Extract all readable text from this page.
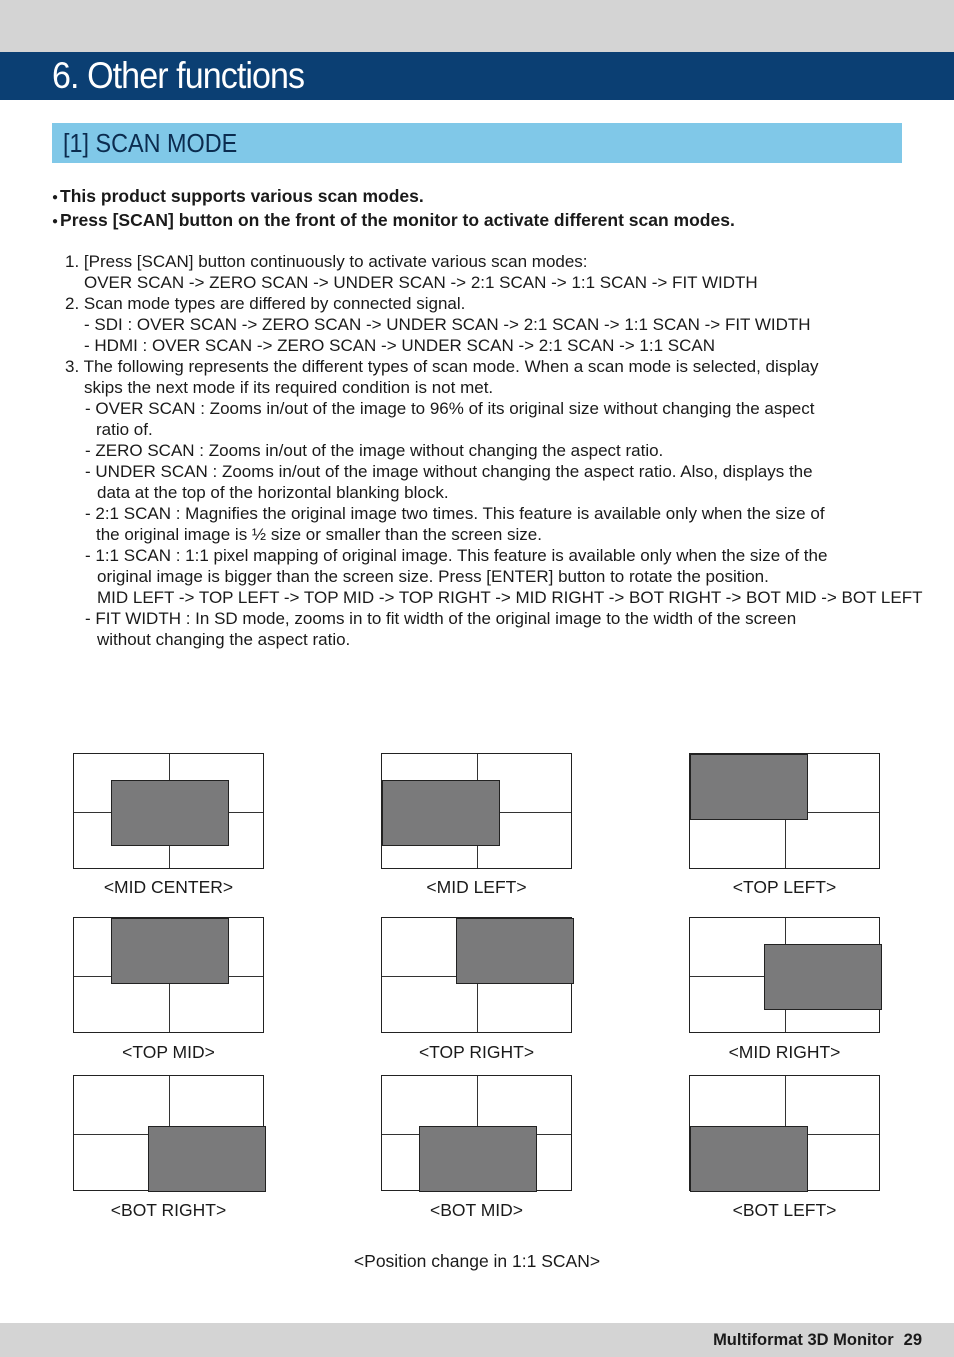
6. Other functions
[1] SCAN MODE
● This product supports various scan modes.
● Press [SCAN] button on the front of the monitor to activate different scan modes.
1. [Press [SCAN] button continuously to activate various scan modes:
OVER SCAN -> ZERO SCAN -> UNDER SCAN -> 2:1 SCAN -> 1:1 SCAN -> FIT WIDTH
2. Scan mode types are differed by connected signal.
- SDI : OVER SCAN -> ZERO SCAN -> UNDER SCAN -> 2:1 SCAN -> 1:1 SCAN -> FIT WIDTH
- HDMI : OVER SCAN -> ZERO SCAN -> UNDER SCAN -> 2:1 SCAN -> 1:1 SCAN
3. The following represents the different types of scan mode. When a scan mode is selected, display
skips the next mode if its required condition is not met.
- OVER SCAN : Zooms in/out of the image to 96% of its original size without changing the aspect
ratio of.
- ZERO SCAN : Zooms in/out of the image without changing the aspect ratio.
- UNDER SCAN : Zooms in/out of the image without changing the aspect ratio. Also, displays the
data at the top of the horizontal blanking block.
- 2:1 SCAN : Magnifies the original image two times. This feature is available only when the size of
the original image is ½ size or smaller than the screen size.
- 1:1 SCAN : 1:1 pixel mapping of original image. This feature is available only when the size of the
original image is bigger than the screen size. Press [ENTER] button to rotate the position.
MID LEFT -> TOP LEFT -> TOP MID -> TOP RIGHT -> MID RIGHT -> BOT RIGHT -> BOT MID -> BOT LEFT
- FIT WIDTH : In SD mode, zooms in to fit width of the original image to the width of the screen
without changing the aspect ratio.
<MID CENTER>	<MID LEFT>	<TOP LEFT>
<TOP MID>	<TOP RIGHT>	<MID RIGHT>
<BOT RIGHT>	<BOT MID>	<BOT LEFT>
<Position change in 1:1 SCAN>
Multiformat 3D Monitor 29
